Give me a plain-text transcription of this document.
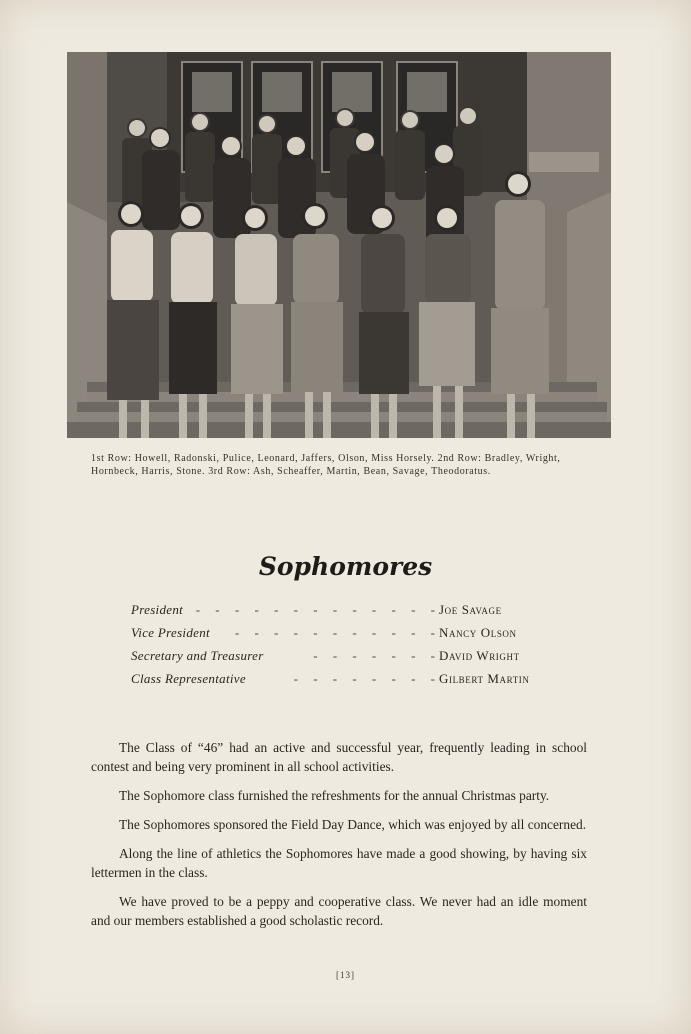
1st Row: Howell, Radonski, Pulice, Leonard, Jaffers, Olson, Miss Horsely. 2nd Row: Bradley, Wright, Hornbeck, Harris, Stone. 3rd Row: Ash, Scheaffer, Martin, Bean, Savage, Theodoratus.
Sophomores
President - - - - - - - - - - - - -
Joe Savage
Vice President - - - - - - - - - - -
Nancy Olson
Secretary and Treasurer	- - - - - - -
David Wright
Class Representative	- - - - - - - -
Gilbert Martin

The Class of “46” had an active and successful year, frequently leading in school contest and being very prominent in all school activities.

The Sophomore class furnished the refreshments for the annual Christmas party.

The Sophomores sponsored the Field Day Dance, which was enjoyed by all concerned.

Along the line of athletics the Sophomores have made a good showing, by having six lettermen in the class.

We have proved to be a peppy and cooperative class. We never had an idle moment and our members established a good scholastic record.

[13]
